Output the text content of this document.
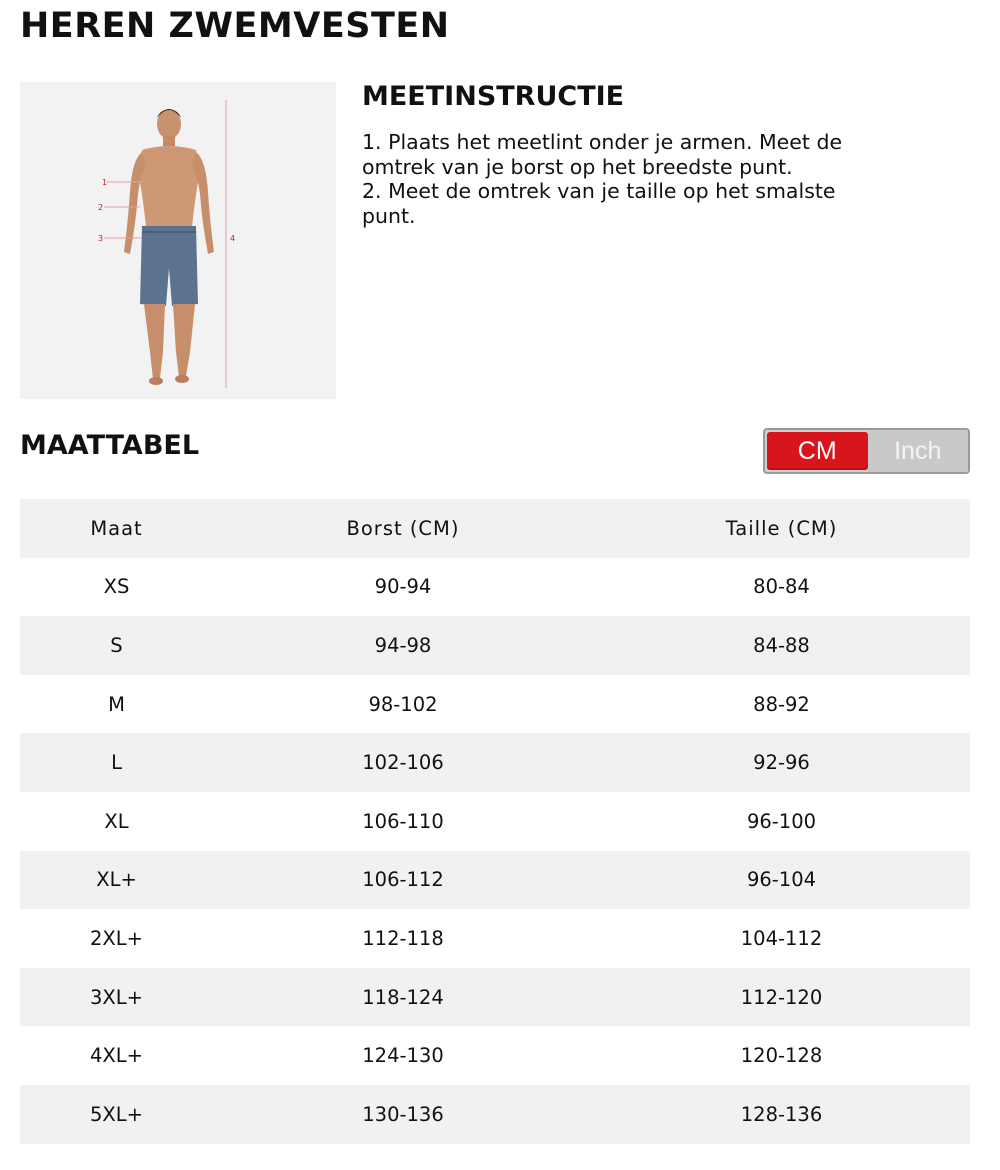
HEREN ZWEMVESTEN
1
2
3	4
MEETINSTRUCTIE
1. Plaats het meetlint onder je armen. Meet de
omtrek van je borst op het breedste punt.
2. Meet de omtrek van je taille op het smalste
punt.
MAATTABEL	CM	Inch
Maat	Borst (CM)	Taille (CM)
XS	90-94	80-84
S	94-98	84-88
M	98-102	88-92
L	102-106	92-96
XL	106-110	96-100
XL+	106-112	96-104
2XL+	112-118	104-112
3XL+	118-124	112-120
4XL+	124-130	120-128
5XL+	130-136	128-136
